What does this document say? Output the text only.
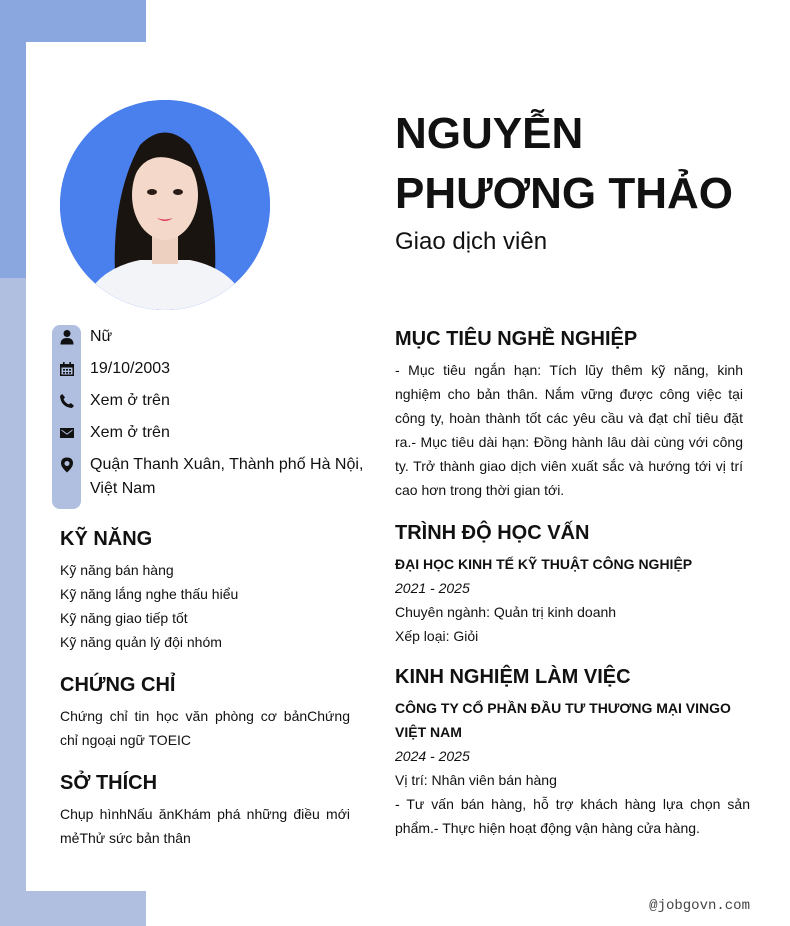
NGUYỄN PHƯƠNG THẢO
Giao dịch viên
Nữ
19/10/2003
Xem ở trên
Xem ở trên
Quận Thanh Xuân, Thành phố Hà Nội, Việt Nam
KỸ NĂNG
Kỹ năng bán hàng
Kỹ năng lắng nghe thấu hiểu
Kỹ năng giao tiếp tốt
Kỹ năng quản lý đội nhóm
CHỨNG CHỈ
Chứng chỉ tin học văn phòng cơ bảnChứng chỉ ngoại ngữ TOEIC
SỞ THÍCH
Chụp hìnhNấu ănKhám phá những điều mới mẻThử sức bản thân
MỤC TIÊU NGHỀ NGHIỆP
- Mục tiêu ngắn hạn: Tích lũy thêm kỹ năng, kinh nghiệm cho bản thân. Nắm vững được công việc tại công ty, hoàn thành tốt các yêu cầu và đạt chỉ tiêu đặt ra.- Mục tiêu dài hạn: Đồng hành lâu dài cùng với công ty. Trở thành giao dịch viên xuất sắc và hướng tới vị trí cao hơn trong thời gian tới.
TRÌNH ĐỘ HỌC VẤN
ĐẠI HỌC KINH TẾ KỸ THUẬT CÔNG NGHIỆP
2021 - 2025
Chuyên ngành: Quản trị kinh doanh
Xếp loại: Giỏi
KINH NGHIỆM LÀM VIỆC
CÔNG TY CỔ PHẦN ĐẦU TƯ THƯƠNG MẠI VINGO VIỆT NAM
2024 - 2025
Vị trí: Nhân viên bán hàng
- Tư vấn bán hàng, hỗ trợ khách hàng lựa chọn sản phẩm.- Thực hiện hoạt động vận hàng cửa hàng.
@jobgovn.com
